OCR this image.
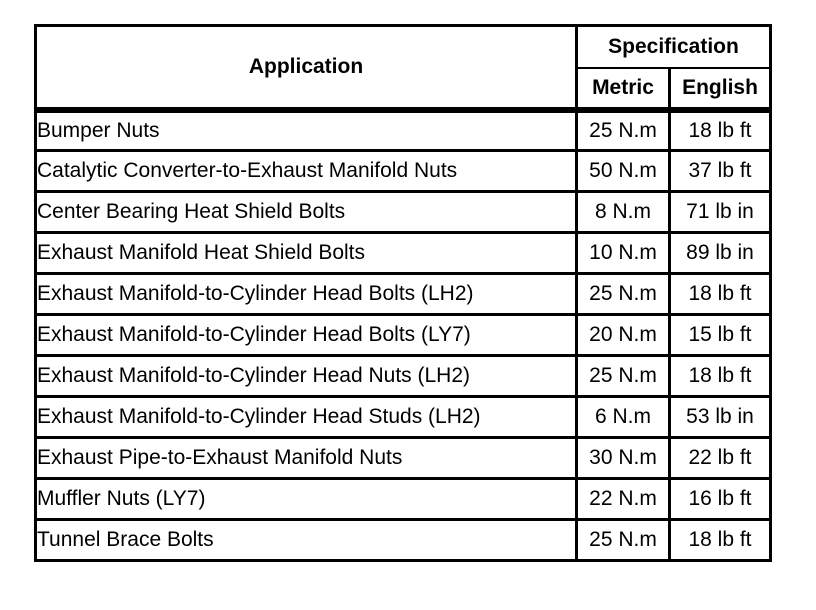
Application	Specification	
	Metric	English
Bumper Nuts	25 N.m	18 lb ft
Catalytic Converter-to-Exhaust Manifold Nuts	50 N.m	37 lb ft
Center Bearing Heat Shield Bolts	8 N.m	71 lb in
Exhaust Manifold Heat Shield Bolts	10 N.m	89 lb in
Exhaust Manifold-to-Cylinder Head Bolts (LH2)	25 N.m	18 lb ft
Exhaust Manifold-to-Cylinder Head Bolts (LY7)	20 N.m	15 lb ft
Exhaust Manifold-to-Cylinder Head Nuts (LH2)	25 N.m	18 lb ft
Exhaust Manifold-to-Cylinder Head Studs (LH2)	6 N.m	53 lb in
Exhaust Pipe-to-Exhaust Manifold Nuts	30 N.m	22 lb ft
Muffler Nuts (LY7)	22 N.m	16 lb ft
Tunnel Brace Bolts	25 N.m	18 lb ft
